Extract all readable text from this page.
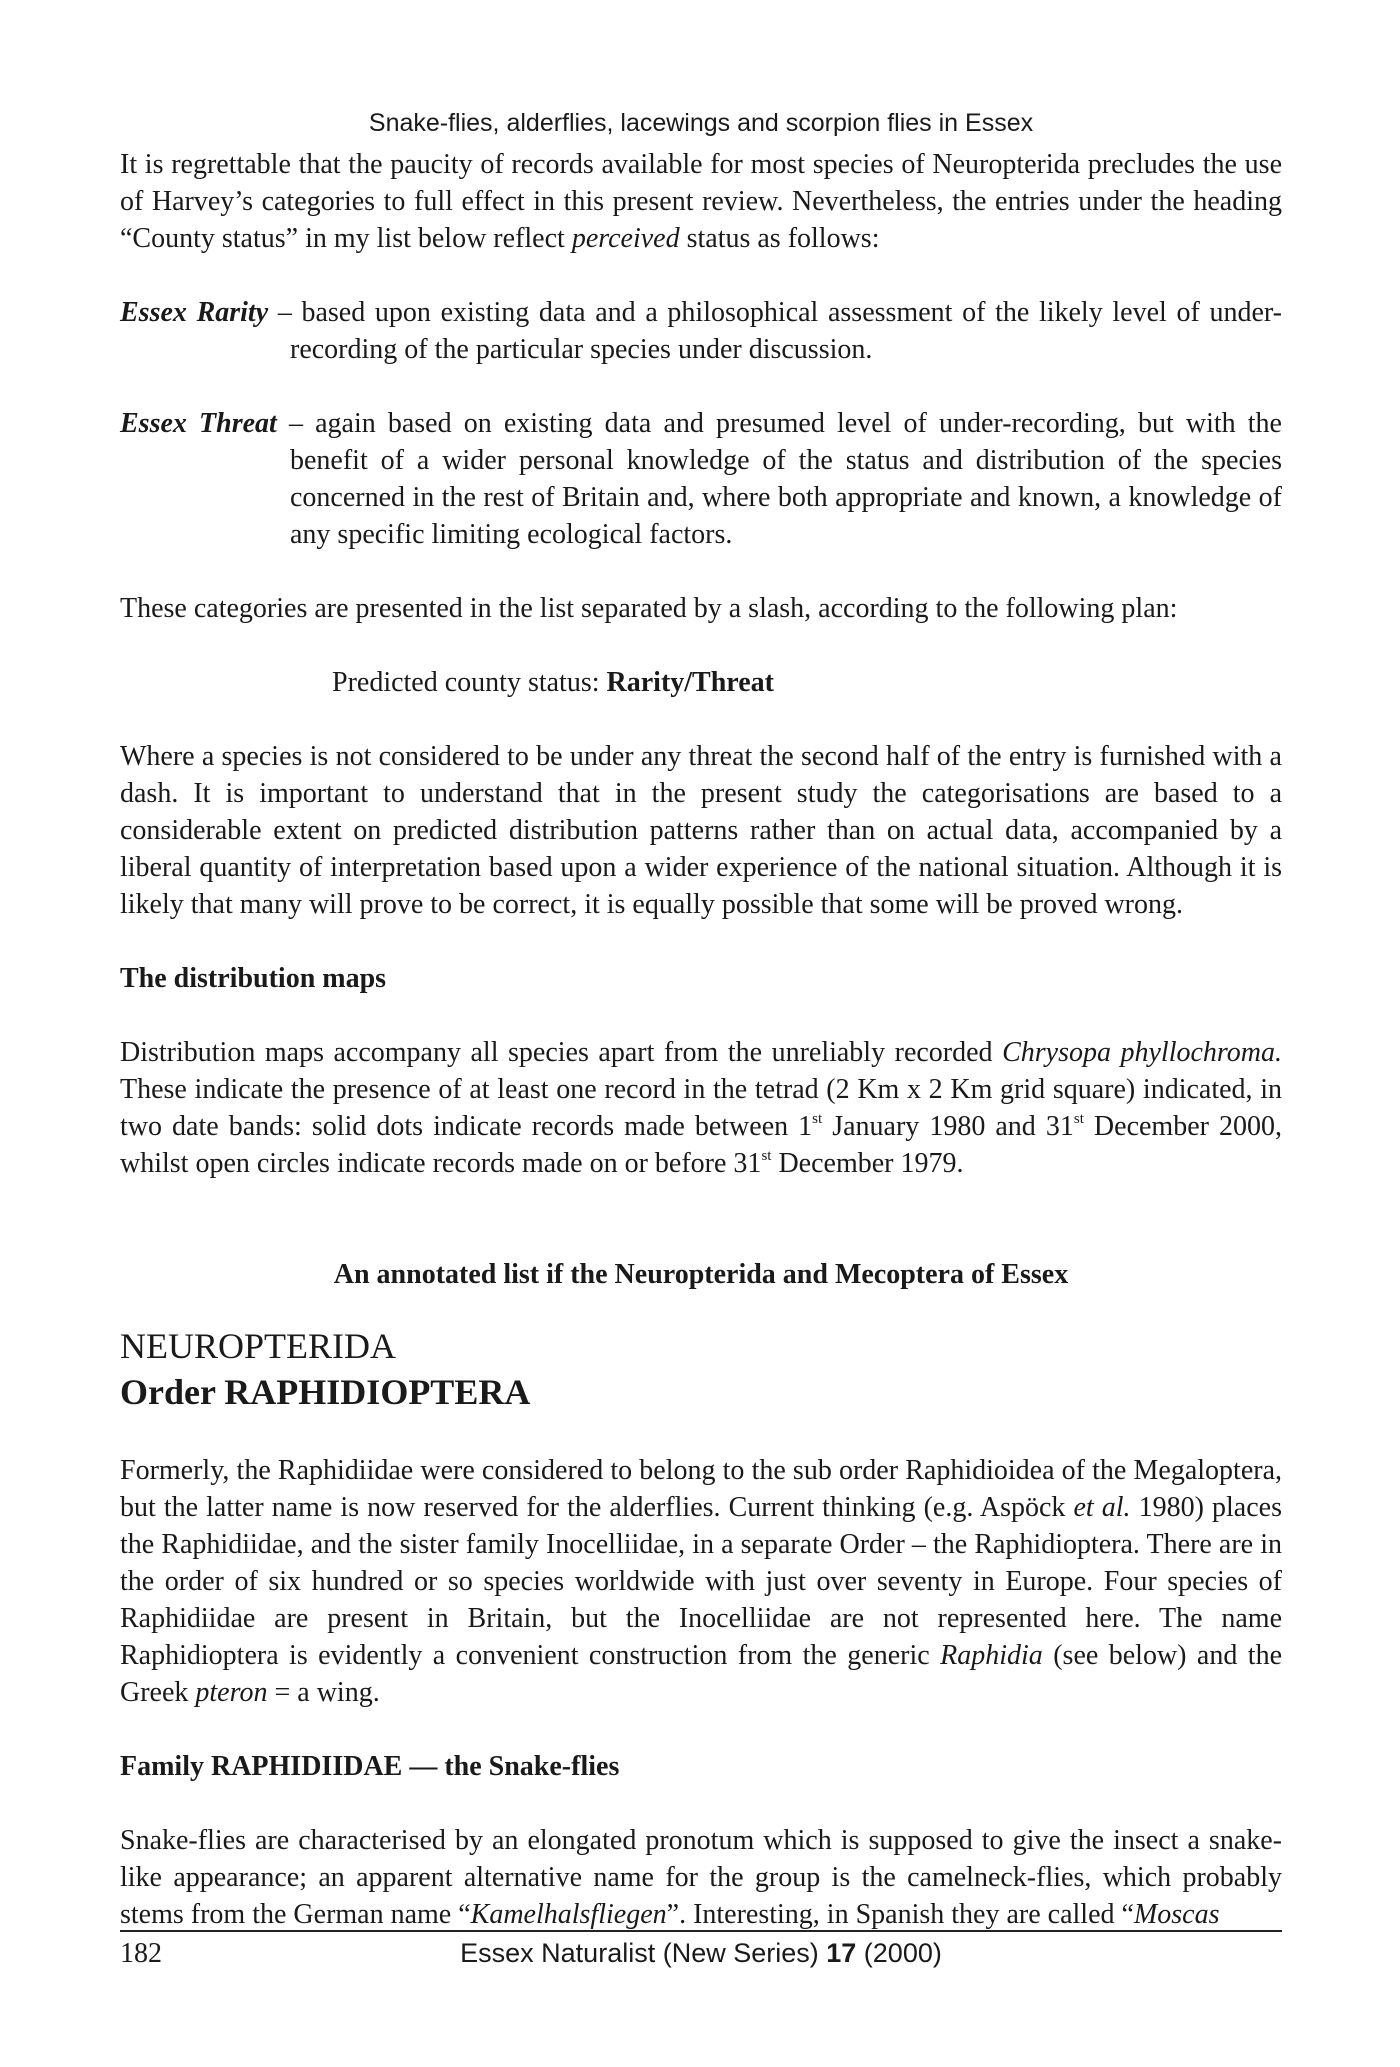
Snake-flies, alderflies, lacewings and scorpion flies in Essex

It is regrettable that the paucity of records available for most species of Neuropterida precludes the use of Harvey’s categories to full effect in this present review. Nevertheless, the entries under the heading “County status” in my list below reflect perceived status as follows:

Essex Rarity – based upon existing data and a philosophical assessment of the likely level of under-recording of the particular species under discussion.

Essex Threat – again based on existing data and presumed level of under-recording, but with the benefit of a wider personal knowledge of the status and distribution of the species concerned in the rest of Britain and, where both appropriate and known, a knowledge of any specific limiting ecological factors.

These categories are presented in the list separated by a slash, according to the following plan:

Predicted county status: Rarity/Threat

Where a species is not considered to be under any threat the second half of the entry is furnished with a dash. It is important to understand that in the present study the categorisations are based to a considerable extent on predicted distribution patterns rather than on actual data, accompanied by a liberal quantity of interpretation based upon a wider experience of the national situation. Although it is likely that many will prove to be correct, it is equally possible that some will be proved wrong.

The distribution maps

Distribution maps accompany all species apart from the unreliably recorded Chrysopa phyllochroma. These indicate the presence of at least one record in the tetrad (2 Km x 2 Km grid square) indicated, in two date bands: solid dots indicate records made between 1st January 1980 and 31st December 2000, whilst open circles indicate records made on or before 31st December 1979.

An annotated list if the Neuropterida and Mecoptera of Essex

NEUROPTERIDA

Order RAPHIDIOPTERA

Formerly, the Raphidiidae were considered to belong to the sub order Raphidioidea of the Megaloptera, but the latter name is now reserved for the alderflies. Current thinking (e.g. Aspöck et al. 1980) places the Raphidiidae, and the sister family Inocelliidae, in a separate Order – the Raphidioptera. There are in the order of six hundred or so species worldwide with just over seventy in Europe. Four species of Raphidiidae are present in Britain, but the Inocelliidae are not represented here. The name Raphidioptera is evidently a convenient construction from the generic Raphidia (see below) and the Greek pteron = a wing.

Family RAPHIDIIDAE — the Snake-flies

Snake-flies are characterised by an elongated pronotum which is supposed to give the insect a snake-like appearance; an apparent alternative name for the group is the camelneck-flies, which probably stems from the German name “Kamelhalsfliegen”. Interesting, in Spanish they are called “Moscas

182	Essex Naturalist (New Series) 17 (2000)
